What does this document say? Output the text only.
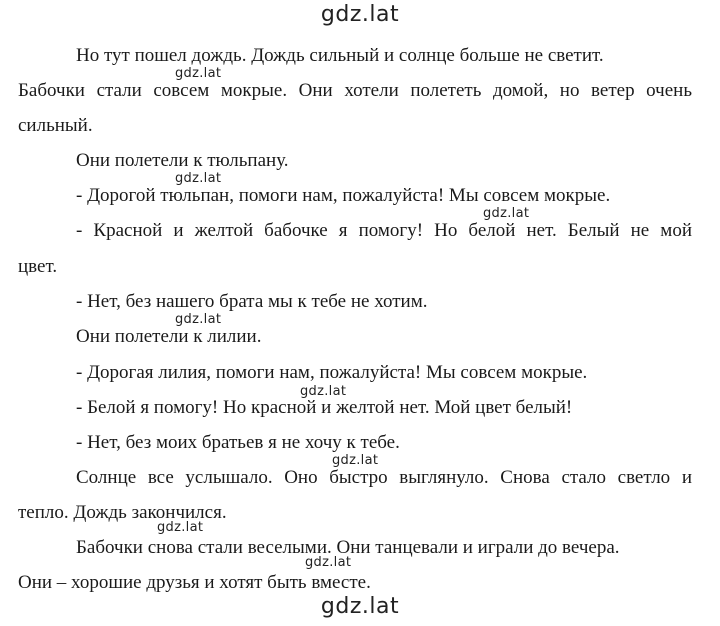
gdz.lat
gdz.lat
gdz.lat
gdz.lat
gdz.lat
gdz.lat
gdz.lat
gdz.lat
gdz.lat
gdz.lat
Но тут пошел дождь. Дождь сильный и солнце больше не светит.
Бабочки стали совсем мокрые. Они хотели полететь домой, но ветер очень
сильный.
Они полетели к тюльпану.
- Дорогой тюльпан, помоги нам, пожалуйста! Мы совсем мокрые.
- Красной и желтой бабочке я помогу! Но белой нет. Белый не мой
цвет.
- Нет, без нашего брата мы к тебе не хотим.
Они полетели к лилии.
- Дорогая лилия, помоги нам, пожалуйста! Мы совсем мокрые.
- Белой я помогу! Но красной и желтой нет. Мой цвет белый!
- Нет, без моих братьев я не хочу к тебе.
Солнце все услышало. Оно быстро выглянуло. Снова стало светло и
тепло. Дождь закончился.
Бабочки снова стали веселыми. Они танцевали и играли до вечера.
Они – хорошие друзья и хотят быть вместе.
